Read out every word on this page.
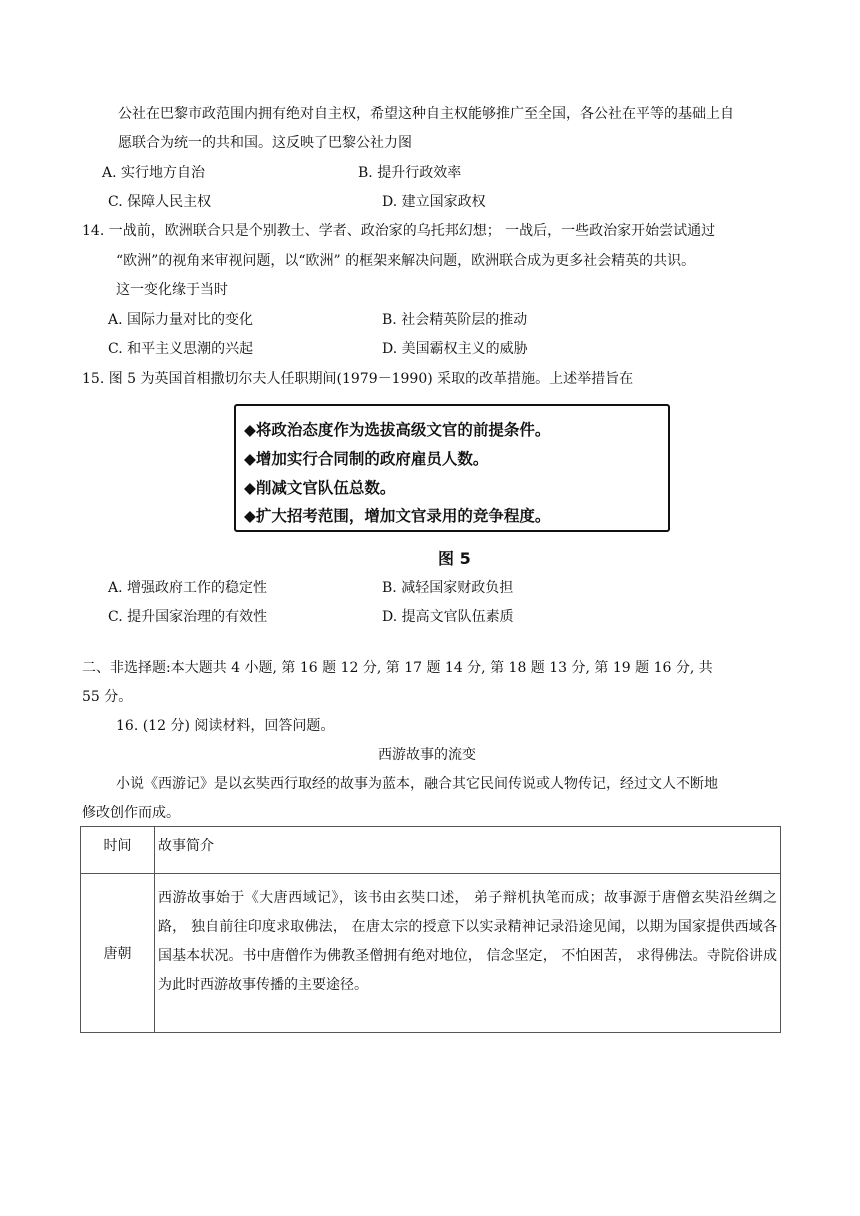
公社在巴黎市政范围内拥有绝对自主权，希望这种自主权能够推广至全国，各公社在平等的基础上自
愿联合为统一的共和国。这反映了巴黎公社力图
A. 实行地方自治	B. 提升行政效率
C. 保障人民主权	D. 建立国家政权
14. 一战前，欧洲联合只是个别教士、学者、政治家的乌托邦幻想； 一战后，一些政治家开始尝试通过
“欧洲”的视角来审视问题，以“欧洲” 的框架来解决问题，欧洲联合成为更多社会精英的共识。
这一变化缘于当时
A. 国际力量对比的变化	B. 社会精英阶层的推动
C. 和平主义思潮的兴起	D. 美国霸权主义的威胁
15. 图 5 为英国首相撒切尔夫人任职期间(1979－1990) 采取的改革措施。上述举措旨在
◆将政治态度作为选拔高级文官的前提条件。
◆增加实行合同制的政府雇员人数。
◆削减文官队伍总数。
◆扩大招考范围，增加文官录用的竞争程度。
图 5
A. 增强政府工作的稳定性	B. 减轻国家财政负担
C. 提升国家治理的有效性	D. 提高文官队伍素质
二、非选择题:本大题共 4 小题, 第 16 题 12 分, 第 17 题 14 分, 第 18 题 13 分, 第 19 题 16 分, 共
55 分。
16. (12 分) 阅读材料，回答问题。
西游故事的流变
小说《西游记》是以玄奘西行取经的故事为蓝本，融合其它民间传说或人物传记，经过文人不断地
修改创作而成。
时间	故事简介

唐朝	西游故事始于《大唐西域记》，该书由玄奘口述， 弟子辩机执笔而成；故事源于唐僧玄奘沿丝绸之路， 独自前往印度求取佛法， 在唐太宗的授意下以实录精神记录沿途见闻，以期为国家提供西域各国基本状况。书中唐僧作为佛教圣僧拥有绝对地位， 信念坚定， 不怕困苦， 求得佛法。寺院俗讲成为此时西游故事传播的主要途径。
